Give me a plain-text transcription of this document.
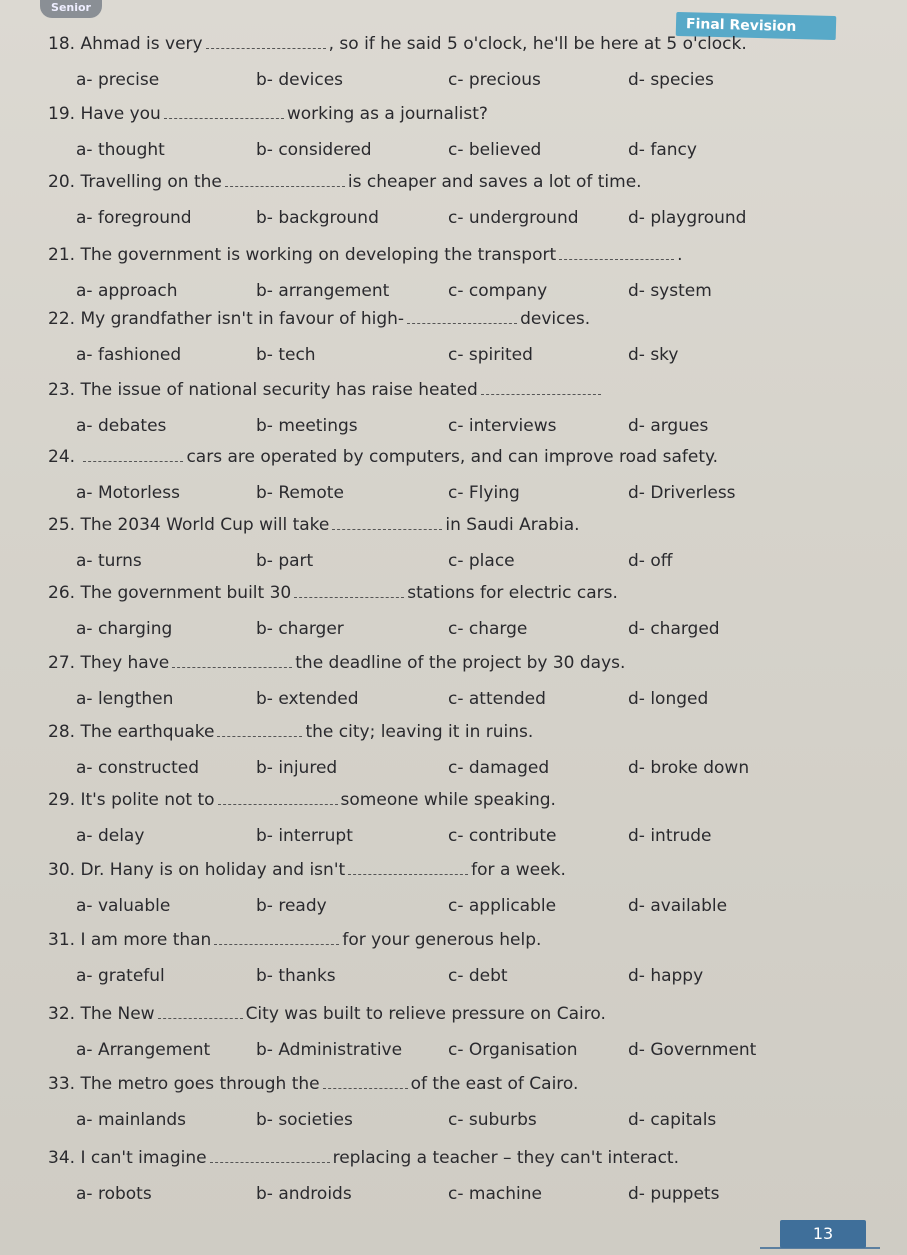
Senior
Final Revision
18. Ahmad is very	, so if he said 5 o'clock, he'll be here at 5 o'clock.
a- precise	b- devices	c- precious	d- species
19. Have you	working as a journalist?
a- thought	b- considered	c- believed	d- fancy
20. Travelling on the	is cheaper and saves a lot of time.
a- foreground	b- background	c- underground	d- playground
21. The government is working on developing the transport	.
a- approach	b- arrangement	c- company	d- system
22. My grandfather isn't in favour of high-	devices.
a- fashioned	b- tech	c- spirited	d- sky
23. The issue of national security has raise heated
a- debates	b- meetings	c- interviews	d- argues
24.	cars are operated by computers, and can improve road safety.
a- Motorless	b- Remote	c- Flying	d- Driverless
25. The 2034 World Cup will take	in Saudi Arabia.
a- turns	b- part	c- place	d- off
26. The government built 30	stations for electric cars.
a- charging	b- charger	c- charge	d- charged
27. They have	the deadline of the project by 30 days.
a- lengthen	b- extended	c- attended	d- longed
28. The earthquake	the city; leaving it in ruins.
a- constructed	b- injured	c- damaged	d- broke down
29. It's polite not to	someone while speaking.
a- delay	b- interrupt	c- contribute	d- intrude
30. Dr. Hany is on holiday and isn't	for a week.
a- valuable	b- ready	c- applicable	d- available
31. I am more than	for your generous help.
a- grateful	b- thanks	c- debt	d- happy
32. The New	City was built to relieve pressure on Cairo.
a- Arrangement	b- Administrative	c- Organisation	d- Government
33. The metro goes through the	of the east of Cairo.
a- mainlands	b- societies	c- suburbs	d- capitals
34. I can't imagine	replacing a teacher – they can't interact.
a- robots	b- androids	c- machine	d- puppets
13
